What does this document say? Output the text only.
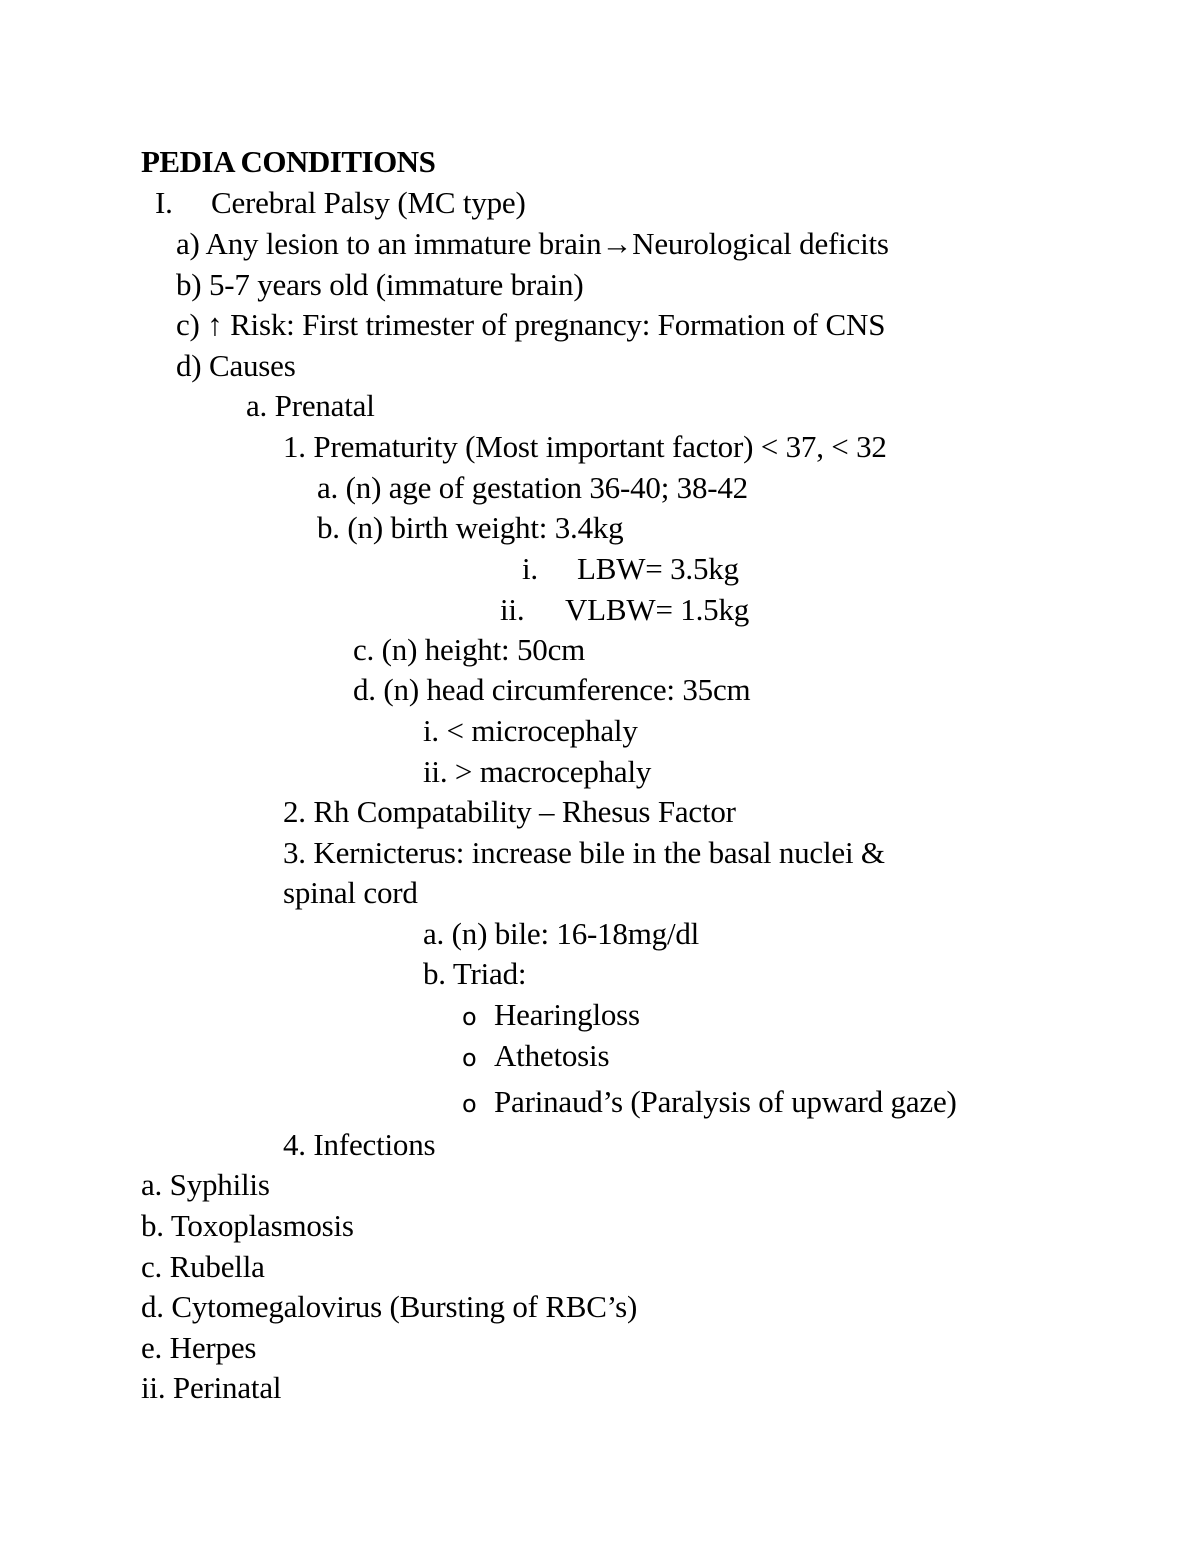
PEDIA CONDITIONS
I. Cerebral Palsy (MC type)
a) Any lesion to an immature brain→Neurological deficits
b) 5-7 years old (immature brain)
c) ↑ Risk: First trimester of pregnancy: Formation of CNS
d) Causes
a. Prenatal
1. Prematurity (Most important factor) < 37, < 32
a. (n) age of gestation 36-40; 38-42
b. (n) birth weight: 3.4kg
i. LBW= 3.5kg
ii. VLBW= 1.5kg
c. (n) height: 50cm
d. (n) head circumference: 35cm
i. < microcephaly
ii. > macrocephaly
2. Rh Compatability – Rhesus Factor
3. Kernicterus: increase bile in the basal nuclei &
spinal cord
a. (n) bile: 16-18mg/dl
b. Triad:
o Hearingloss
o Athetosis
o Parinaud’s (Paralysis of upward gaze)
4. Infections
a. Syphilis
b. Toxoplasmosis
c. Rubella
d. Cytomegalovirus (Bursting of RBC’s)
e. Herpes
ii. Perinatal
